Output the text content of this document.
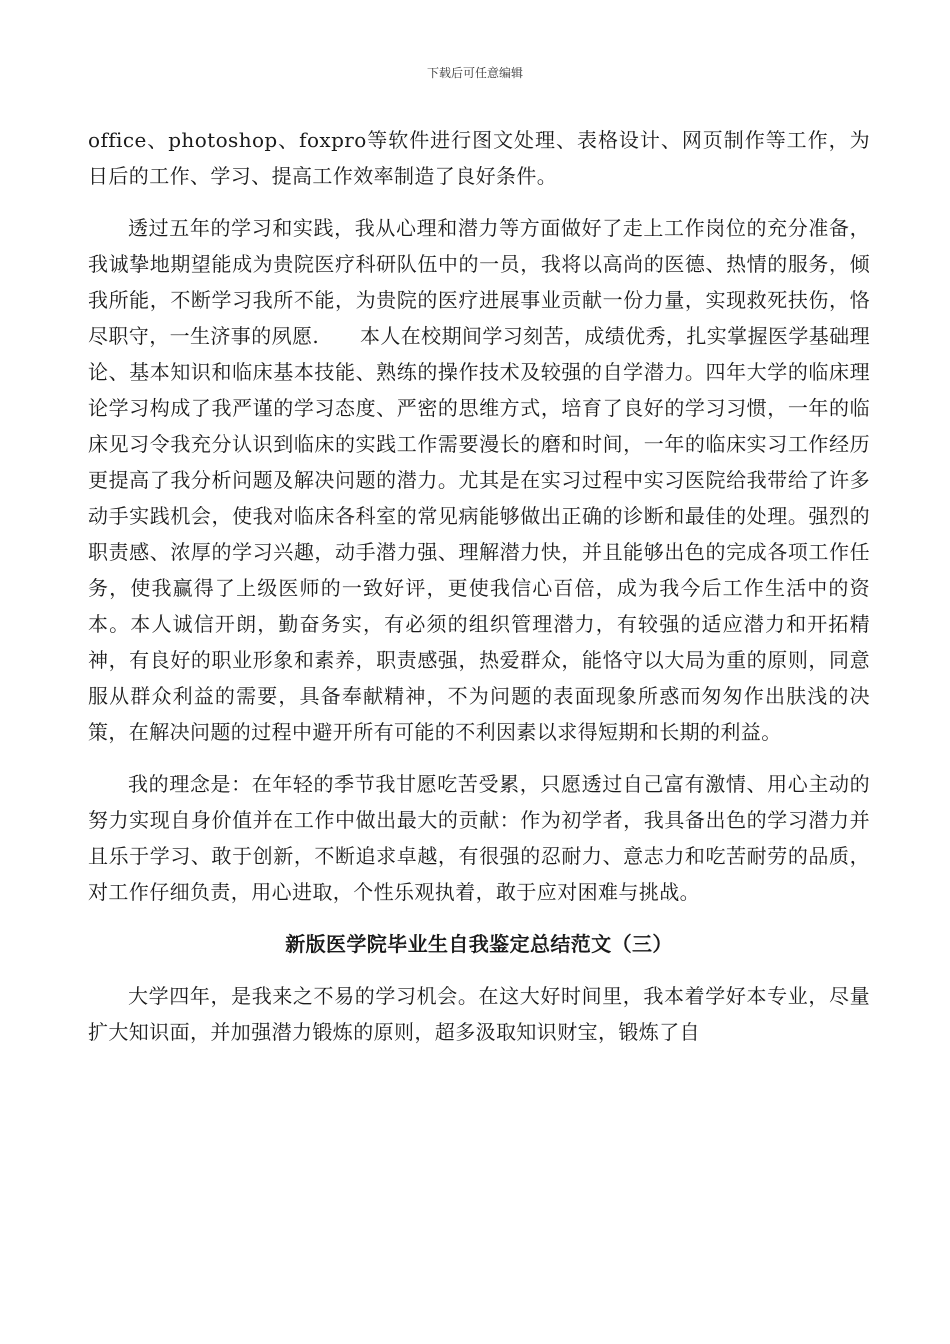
下载后可任意编辑

office、photoshop、foxpro等软件进行图文处理、表格设计、网页制作等工作，为日后的工作、学习、提高工作效率制造了良好条件。

透过五年的学习和实践，我从心理和潜力等方面做好了走上工作岗位的充分准备，我诚挚地期望能成为贵院医疗科研队伍中的一员，我将以高尚的医德、热情的服务，倾我所能，不断学习我所不能，为贵院的医疗进展事业贡献一份力量，实现救死扶伤，恪尽职守，一生济事的夙愿.　　本人在校期间学习刻苦，成绩优秀，扎实掌握医学基础理论、基本知识和临床基本技能、熟练的操作技术及较强的自学潜力。四年大学的临床理论学习构成了我严谨的学习态度、严密的思维方式，培育了良好的学习习惯，一年的临床见习令我充分认识到临床的实践工作需要漫长的磨和时间，一年的临床实习工作经历更提高了我分析问题及解决问题的潜力。尤其是在实习过程中实习医院给我带给了许多动手实践机会，使我对临床各科室的常见病能够做出正确的诊断和最佳的处理。强烈的职责感、浓厚的学习兴趣，动手潜力强、理解潜力快，并且能够出色的完成各项工作任务，使我赢得了上级医师的一致好评，更使我信心百倍，成为我今后工作生活中的资本。本人诚信开朗，勤奋务实，有必须的组织管理潜力，有较强的适应潜力和开拓精神，有良好的职业形象和素养，职责感强，热爱群众，能恪守以大局为重的原则，同意服从群众利益的需要，具备奉献精神，不为问题的表面现象所惑而匆匆作出肤浅的决策，在解决问题的过程中避开所有可能的不利因素以求得短期和长期的利益。

我的理念是：在年轻的季节我甘愿吃苦受累，只愿透过自己富有激情、用心主动的努力实现自身价值并在工作中做出最大的贡献：作为初学者，我具备出色的学习潜力并且乐于学习、敢于创新，不断追求卓越，有很强的忍耐力、意志力和吃苦耐劳的品质，对工作仔细负责，用心进取，个性乐观执着，敢于应对困难与挑战。

新版医学院毕业生自我鉴定总结范文（三）

大学四年，是我来之不易的学习机会。在这大好时间里，我本着学好本专业，尽量扩大知识面，并加强潜力锻炼的原则，超多汲取知识财宝，锻炼了自
